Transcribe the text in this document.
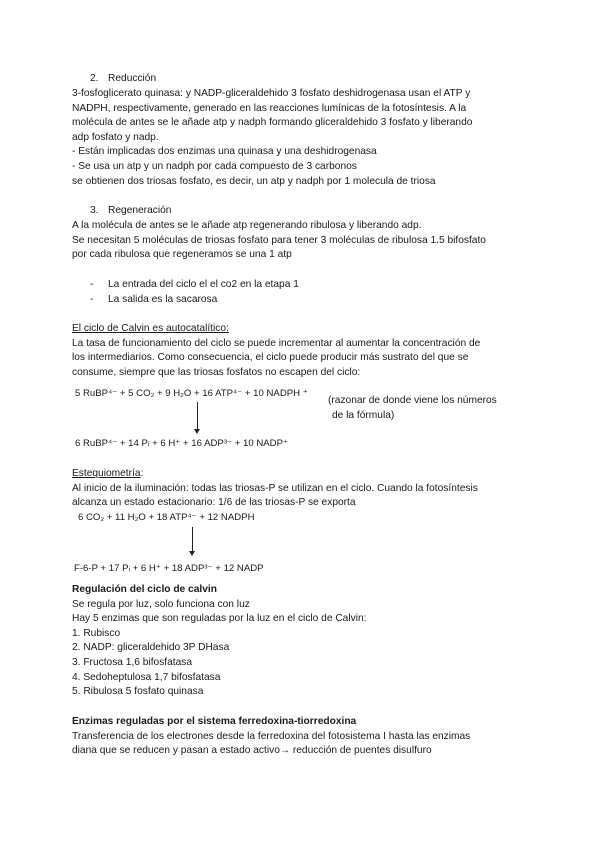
2. Reducción
3-fosfoglicerato quinasa: y NADP-gliceraldehido 3 fosfato deshidrogenasa usan el ATP y
NADPH, respectivamente, generado en las reacciones lumínicas de la fotosíntesis. A la
molécula de antes se le añade atp y nadph formando gliceraldehido 3 fosfato y liberando
adp fosfato y nadp.
- Están implicadas dos enzimas una quinasa y una deshidrogenasa
- Se usa un atp y un nadph por cada compuesto de 3 carbonos
se obtienen dos triosas fosfato, es decir, un atp y nadph por 1 molecula de triosa
3. Regeneración
A la molécula de antes se le añade atp regenerando ribulosa y liberando adp.
Se necesitan 5 moléculas de triosas fosfato para tener 3 moléculas de ribulosa 1.5 bifosfato
por cada ribulosa que regeneramos se una 1 atp
- La entrada del ciclo el el co2 en la etapa 1
- La salida es la sacarosa
El ciclo de Calvin es autocatalítico:
La tasa de funcionamiento del ciclo se puede incrementar al aumentar la concentración de
los intermediarios. Como consecuencia, el ciclo puede producir más sustrato del que se
consume, siempre que las triosas fosfatos no escapen del ciclo:
5 RuBP⁴⁻ + 5 CO₂ + 9 H₂O + 16 ATP⁴⁻ + 10 NADPH ⁺
(razonar de donde viene los números
de la fórmula)
6 RuBP⁴⁻ + 14 Pᵢ + 6 H⁺ + 16 ADP³⁻ + 10 NADP⁺
Estequiometría:
Al inicio de la iluminación: todas las triosas-P se utilizan en el ciclo. Cuando la fotosíntesis
alcanza un estado estacionario: 1/6 de las triosas-P se exporta
6 CO₂ + 11 H₂O + 18 ATP⁴⁻ + 12 NADPH
F-6-P + 17 Pᵢ + 6 H⁺ + 18 ADP³⁻ + 12 NADP
Regulación del ciclo de calvin
Se regula por luz, solo funciona con luz
Hay 5 enzimas que son reguladas por la luz en el ciclo de Calvin:
1. Rubisco
2. NADP: gliceraldehido 3P DHasa
3. Fructosa 1,6 bifosfatasa
4. Sedoheptulosa 1,7 bifosfatasa
5. Ribulosa 5 fosfato quinasa
Enzimas reguladas por el sistema ferredoxina-tiorredoxina
Transferencia de los electrones desde la ferredoxina del fotosistema I hasta las enzimas
diana que se reducen y pasan a estado activo→ reducción de puentes disulfuro
